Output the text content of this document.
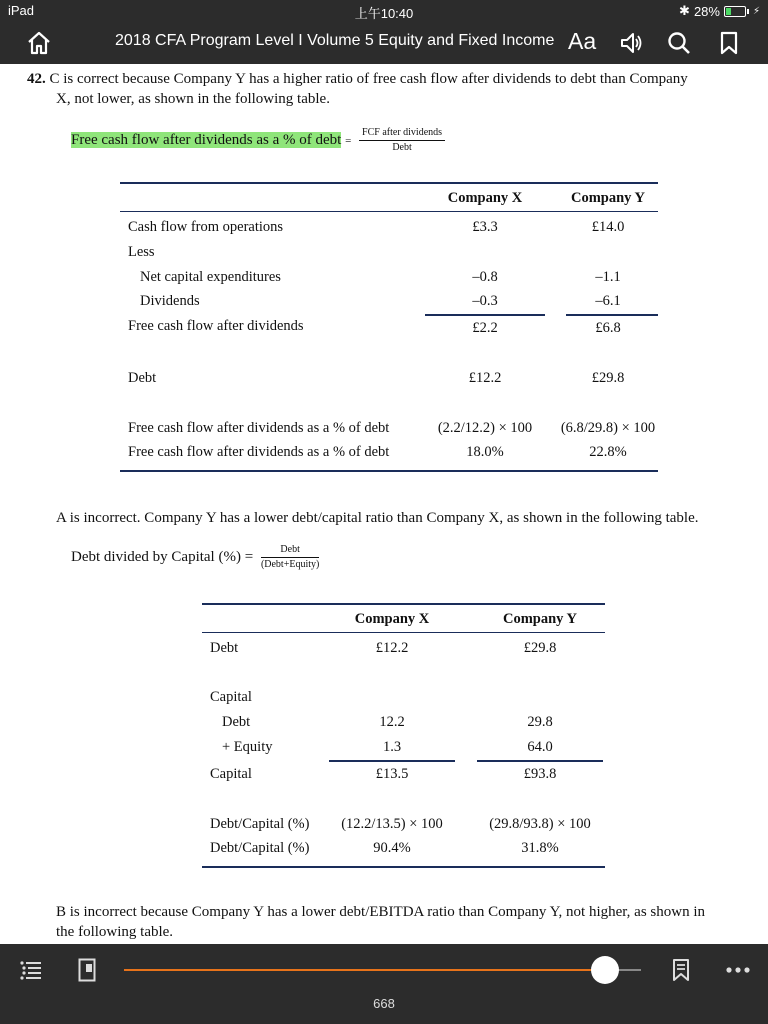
iPad	上午10:40	✱ 28%	⚡
2018 CFA Program Level I Volume 5 Equity and Fixed Income Aa
42. C is correct because Company Y has a higher ratio of free cash flow after dividends to debt than Company
X, not lower, as shown in the following table.
Free cash flow after dividends as a % of debt = $\frac{\text{FCF after dividends}}{\text{Debt}}$
Company X	Company Y
Cash flow from operations	£3.3	£14.0
Less
Net capital expenditures	–0.8	–1.1
Dividends	–0.3	–6.1
Free cash flow after dividends	£2.2	£6.8
Debt	£12.2	£29.8
Free cash flow after dividends as a % of debt	(2.2/12.2) × 100	(6.8/29.8) × 100
Free cash flow after dividends as a % of debt	18.0%	22.8%
A is incorrect. Company Y has a lower debt/capital ratio than Company X, as shown in the following table.
Debt divided by Capital (%) = $\frac{\text{Debt}}{\text{(Debt+Equity)}}$
Company X	Company Y
Debt	£12.2	£29.8
Capital
Debt	12.2	29.8
+ Equity	1.3	64.0
Capital	£13.5	£93.8
Debt/Capital (%)	(12.2/13.5) × 100	(29.8/93.8) × 100
Debt/Capital (%)	90.4%	31.8%
B is incorrect because Company Y has a lower debt/EBITDA ratio than Company Y, not higher, as shown in
the following table.
668
